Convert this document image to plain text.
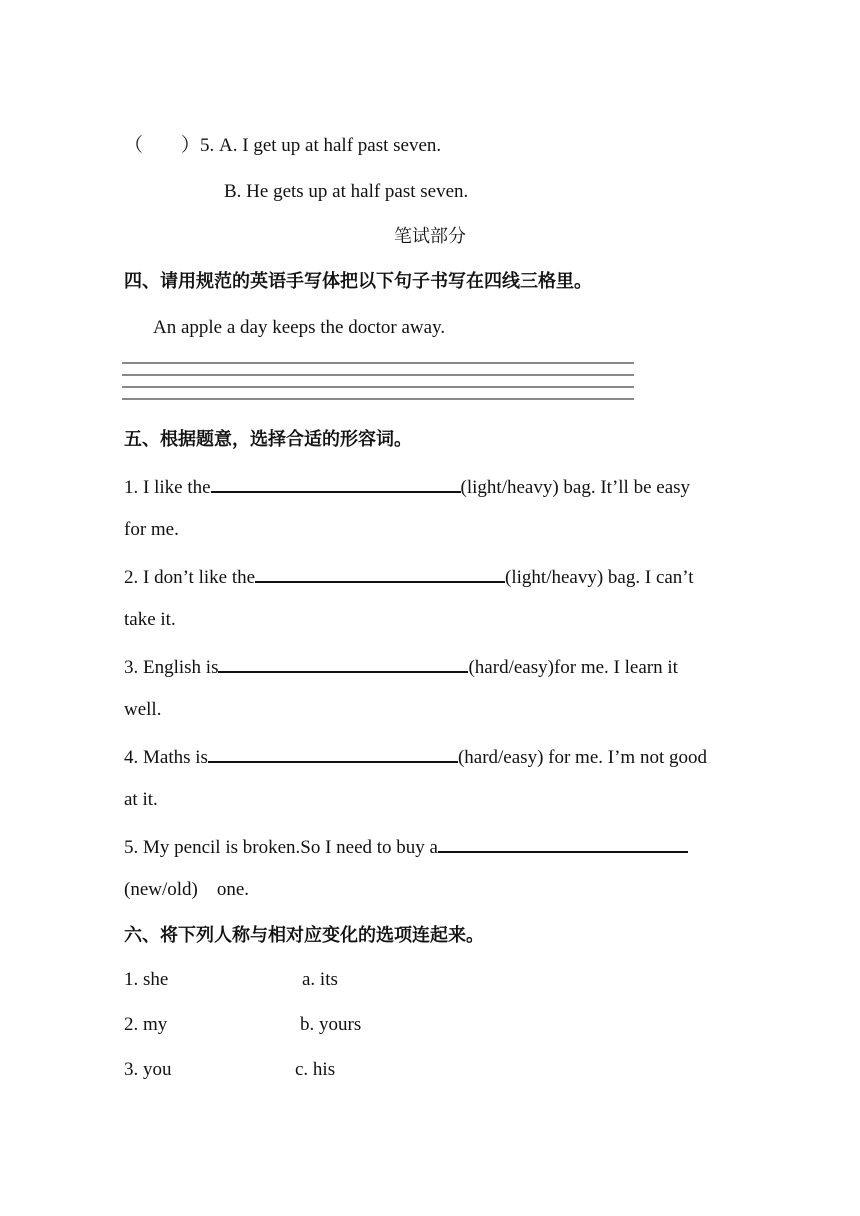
（　　）5. A. I get up at half past seven.
B. He gets up at half past seven.
笔试部分
四、请用规范的英语手写体把以下句子书写在四线三格里。
An apple a day keeps the doctor away.
五、根据题意，选择合适的形容词。
1. I like the	(light/heavy) bag. It’ll be easy
for me.
2. I don’t like the	(light/heavy) bag. I can’t
take it.
3. English is	(hard/easy)for me. I learn it
well.
4. Maths is	(hard/easy) for me. I’m not good
at it.
5. My pencil is broken.So I need to buy a
(new/old)    one.
六、将下列人称与相对应变化的选项连起来。
1. she	a. its
2. my	b. yours
3. you	c. his
